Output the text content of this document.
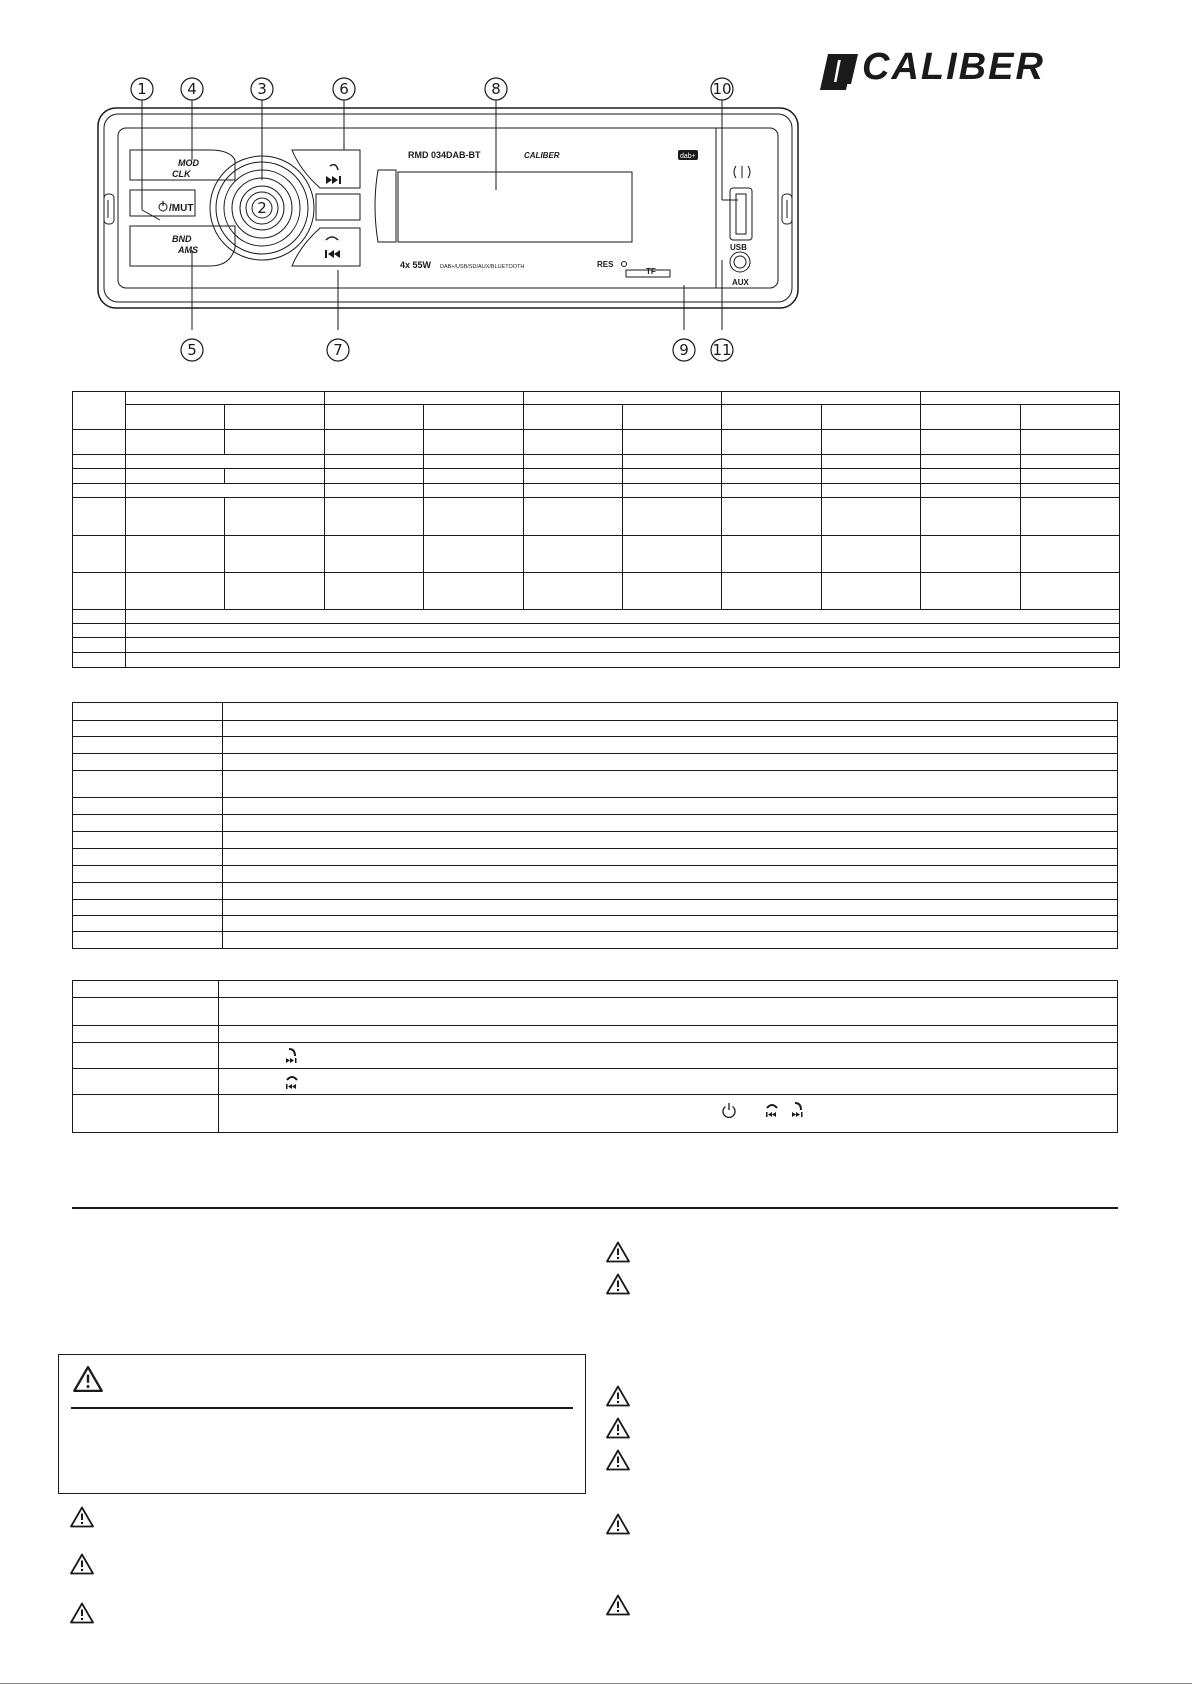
CALIBER
1	4	3	6	8	10
5	7	9 11
2
MOD
CLK
BND
AMS
/MUT
RMD 034DAB-BT	CALIBER	dab+
4x 55W DAB+/USB/SD/AUX/BLUETOOTH	RES
TF
USB
AUX
